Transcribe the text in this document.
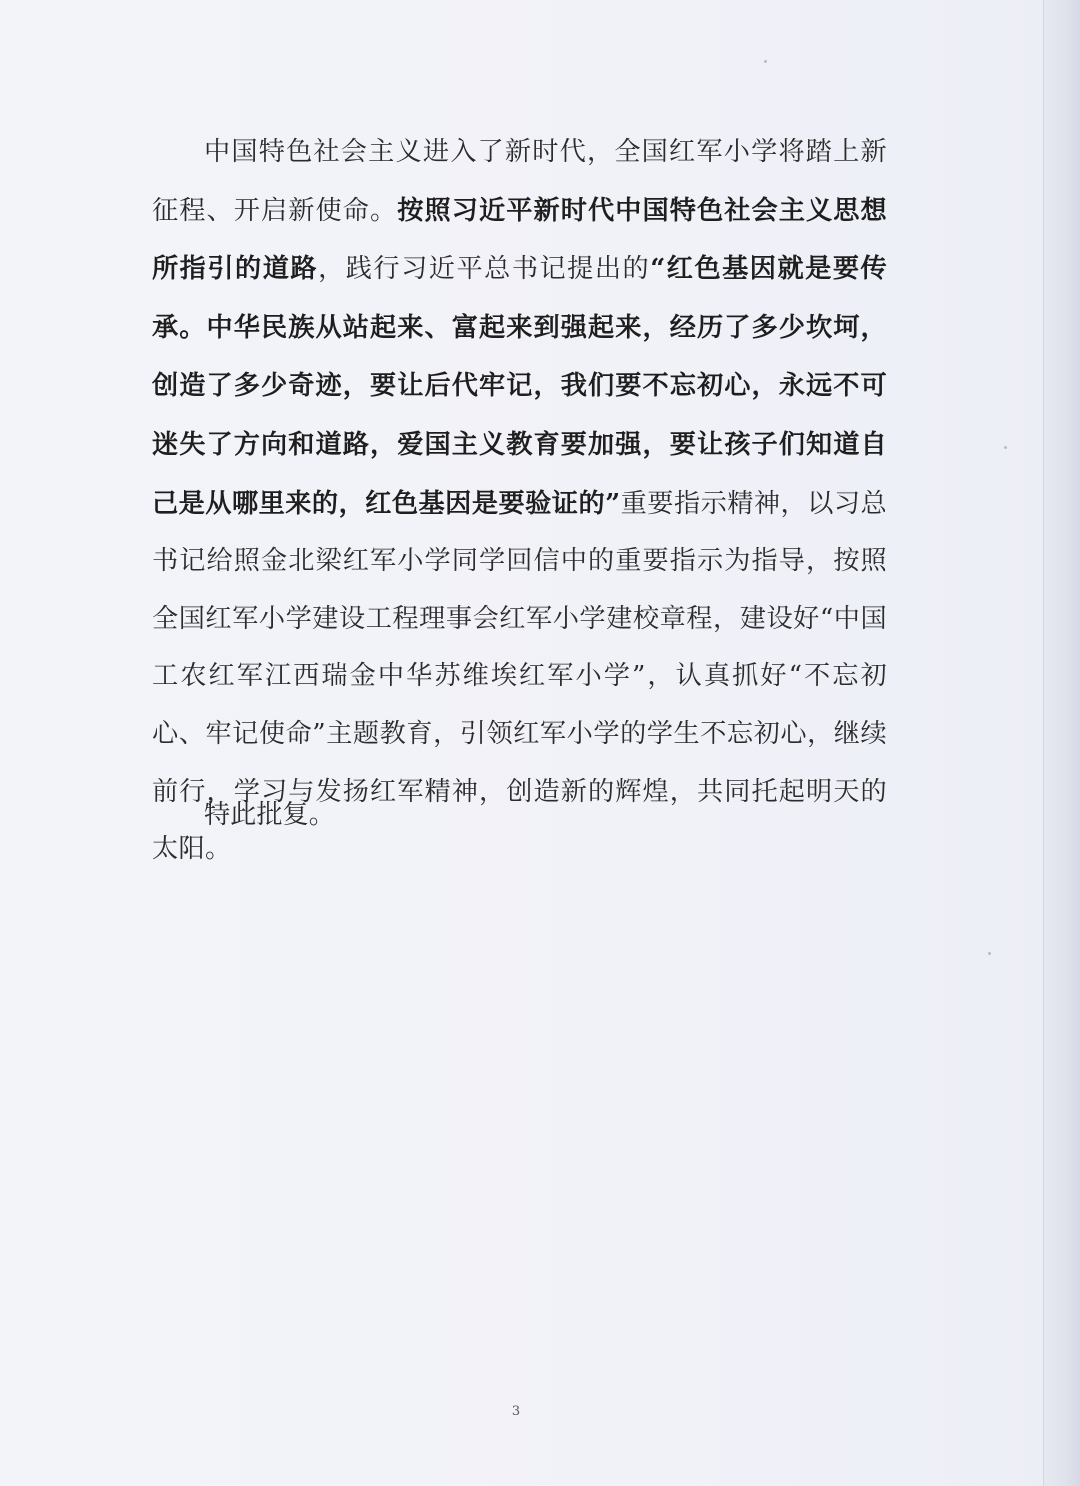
中国特色社会主义进入了新时代，全国红军小学将踏上新征程、开启新使命。按照习近平新时代中国特色社会主义思想所指引的道路，践行习近平总书记提出的“红色基因就是要传承。中华民族从站起来、富起来到强起来，经历了多少坎坷，创造了多少奇迹，要让后代牢记，我们要不忘初心，永远不可迷失了方向和道路，爱国主义教育要加强，要让孩子们知道自己是从哪里来的，红色基因是要验证的”重要指示精神，以习总书记给照金北梁红军小学同学回信中的重要指示为指导，按照全国红军小学建设工程理事会红军小学建校章程，建设好“中国工农红军江西瑞金中华苏维埃红军小学”，认真抓好“不忘初心、牢记使命”主题教育，引领红军小学的学生不忘初心，继续前行，学习与发扬红军精神，创造新的辉煌，共同托起明天的太阳。

特此批复。

3
